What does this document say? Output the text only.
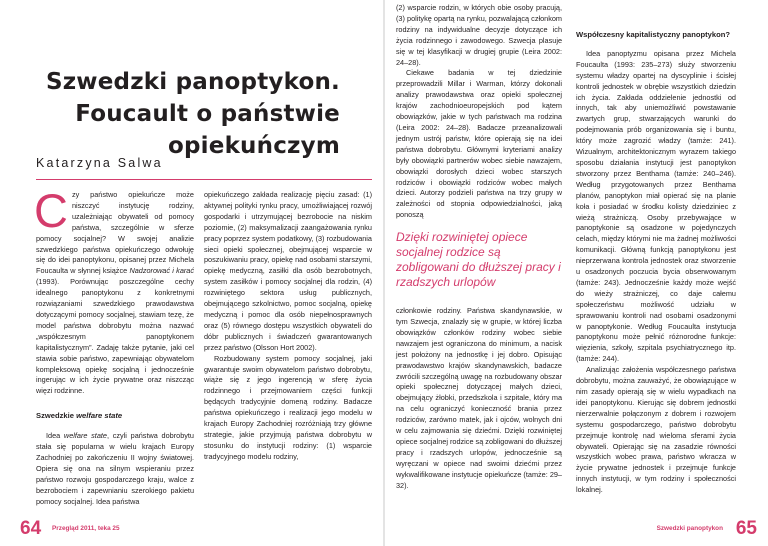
Szwedzki panoptykon.
Foucault o państwie
opiekuńczym
Katarzyna Salwa

Czy państwo opiekuńcze może niszczyć instytucję rodziny, uzależniając obywateli od pomocy państwa, szczególnie w sferze pomocy socjalnej? W swojej analizie szwedzkiego państwa opiekuńczego odwołuję się do idei panoptykonu, opisanej przez Michela Foucaulta w słynnej książce Nadzorować i karać (1993). Porównując poszczególne cechy idealnego panoptykonu z konkretnymi rozwiązaniami szwedzkiego prawodawstwa dotyczącymi pomocy socjalnej, stawiam tezę, że model państwa dobrobytu można nazwać „współczesnym panoptykonem kapitalistycznym”. Zadaję także pytanie, jaki cel stawia sobie państwo, zapewniając obywatelom kompleksową opiekę socjalną i jednocześnie ingerując w ich życie prywatne oraz niszcząc więzi rodzinne.

Szwedzkie welfare state

Idea welfare state, czyli państwa dobrobytu stała się popularna w wielu krajach Europy Zachodniej po zakończeniu II wojny światowej. Opiera się ona na silnym wspieraniu przez państwo rozwoju gospodarczego kraju, walce z bezrobociem i zapewnianiu szerokiego pakietu pomocy socjalnej. Idea państwa

opiekuńczego zakłada realizację pięciu zasad: (1) aktywnej polityki rynku pracy, umożliwiającej rozwój gospodarki i utrzymującej bezrobocie na niskim poziomie, (2) maksymalizacji zaangażowania rynku pracy poprzez system podatkowy, (3) rozbudowania sieci opieki społecznej, obejmującej wsparcie w poszukiwaniu pracy, opiekę nad osobami starszymi, opiekę medyczną, zasiłki dla osób bezrobotnych, system zasiłków i pomocy socjalnej dla rodzin, (4) rozwiniętego sektora usług publicznych, obejmującego szkolnictwo, pomoc socjalną, opiekę medyczną i pomoc dla osób niepełnosprawnych oraz (5) równego dostępu wszystkich obywateli do dóbr publicznych i świadczeń gwarantowanych przez państwo (Olsson Hort 2002).

Rozbudowany system pomocy socjalnej, jaki gwarantuje swoim obywatelom państwo dobrobytu, wiąże się z jego ingerencją w sferę życia rodzinnego i przejmowaniem części funkcji będących tradycyjnie domeną rodziny. Badacze państwa opiekuńczego i realizacji jego modelu w krajach Europy Zachodniej rozróżniają trzy główne strategie, jakie przyjmują państwa dobrobytu w stosunku do instytucji rodziny: (1) wsparcie tradycyjnego modelu rodziny,

64 Przegląd 2011, teka 25

(2) wsparcie rodzin, w których obie osoby pracują, (3) politykę opartą na rynku, pozwalającą członkom rodziny na indywidualne decyzje dotyczące ich życia rodzinnego i zawodowego. Szwecja plasuje się w tej klasyfikacji w drugiej grupie (Leira 2002: 24–28).

Ciekawe badania w tej dziedzinie przeprowadzili Millar i Warman, którzy dokonali analizy prawodawstwa oraz opieki społecznej krajów zachodnioeuropejskich pod kątem obowiązków, jakie w tych państwach ma rodzina (Leira 2002: 24–28). Badacze przeanalizowali jednym ustrój państw, które opierają się na idei państwa dobrobytu. Głównymi kryteriami analizy były obowiązki partnerów wobec siebie nawzajem, obowiązki dorosłych dzieci wobec starszych rodziców i obowiązki rodziców wobec małych dzieci. Autorzy podzieli państwa na trzy grupy w zależności od stopnia odpowiedzialności, jaką ponoszą

Dzięki rozwiniętej opiece socjalnej rodzice są zobligowani do dłuższej pracy i rzadszych urlopów

członkowie rodziny. Państwa skandynawskie, w tym Szwecja, znalazły się w grupie, w której liczba obowiązków członków rodziny wobec siebie nawzajem jest ograniczona do minimum, a nacisk jest położony na jednostkę i jej dobro. Opisując prawodawstwo krajów skandynawskich, badacze zwrócili szczególną uwagę na rozbudowany obszar opieki społecznej dotyczącej małych dzieci, obejmujący żłobki, przedszkola i szpitale, który ma na celu ograniczyć konieczność brania przez rodziców, zarówno matek, jak i ojców, wolnych dni w celu zajmowania się dziećmi. Dzięki rozwiniętej opiece socjalnej rodzice są zobligowani do dłuższej pracy i rzadszych urlopów, jednocześnie są wyręczani w opiece nad swoimi dziećmi przez wykwalifikowane instytucje opiekuńcze (tamże: 29–32).

Współczesny kapitalistyczny panoptykon?

Idea panoptyzmu opisana przez Michela Foucaulta (1993: 235–273) służy stworzeniu systemu władzy opartej na dyscyplinie i ścisłej kontroli jednostek w obrębie wszystkich dziedzin ich życia. Zakłada oddzielenie jednostki od innych, tak aby uniemożliwić powstawanie zwartych grup, stwarzających warunki do podejmowania prób organizowania się i buntu, który może zagrozić władzy (tamże: 241). Wizualnym, architektonicznym wyrazem takiego sposobu działania instytucji jest panoptykon stworzony przez Benthama (tamże: 240–246). Według przygotowanych przez Benthama planów, panoptykon miał opierać się na planie koła i posiadać w środku kolisty dziedziniec z wieżą strażniczą. Osoby przebywające w panoptykonie są osadzone w pojedynczych celach, między którymi nie ma żadnej możliwości komunikacji. Główną funkcją panoptykonu jest nieprzerwana kontrola jednostek oraz stworzenie u osadzonych poczucia bycia obserwowanym (tamże: 243). Jednocześnie każdy może wejść do wieży strażniczej, co daje całemu społeczeństwu możliwość udziału w sprawowaniu kontroli nad osobami osadzonymi w panoptykonie. Według Foucaulta instytucja panoptykonu może pełnić różnorodne funkcje: więzienia, szkoły, szpitala psychiatrycznego itp. (tamże: 244).

Analizując założenia współczesnego państwa dobrobytu, można zauważyć, że obowiązujące w nim zasady opierają się w wielu wypadkach na idei panoptykonu. Kierując się dobrem jednostki nierzerwalnie połączonym z dobrem i rozwojem systemu gospodarczego, państwo dobrobytu przejmuje kontrolę nad wieloma sferami życia obywateli. Opierając się na zasadzie równości wszystkich wobec prawa, państwo wkracza w życie prywatne jednostek i przejmuje funkcje innych instytucji, w tym rodziny i społeczności lokalnej.

Szwedzki panoptykon 65
